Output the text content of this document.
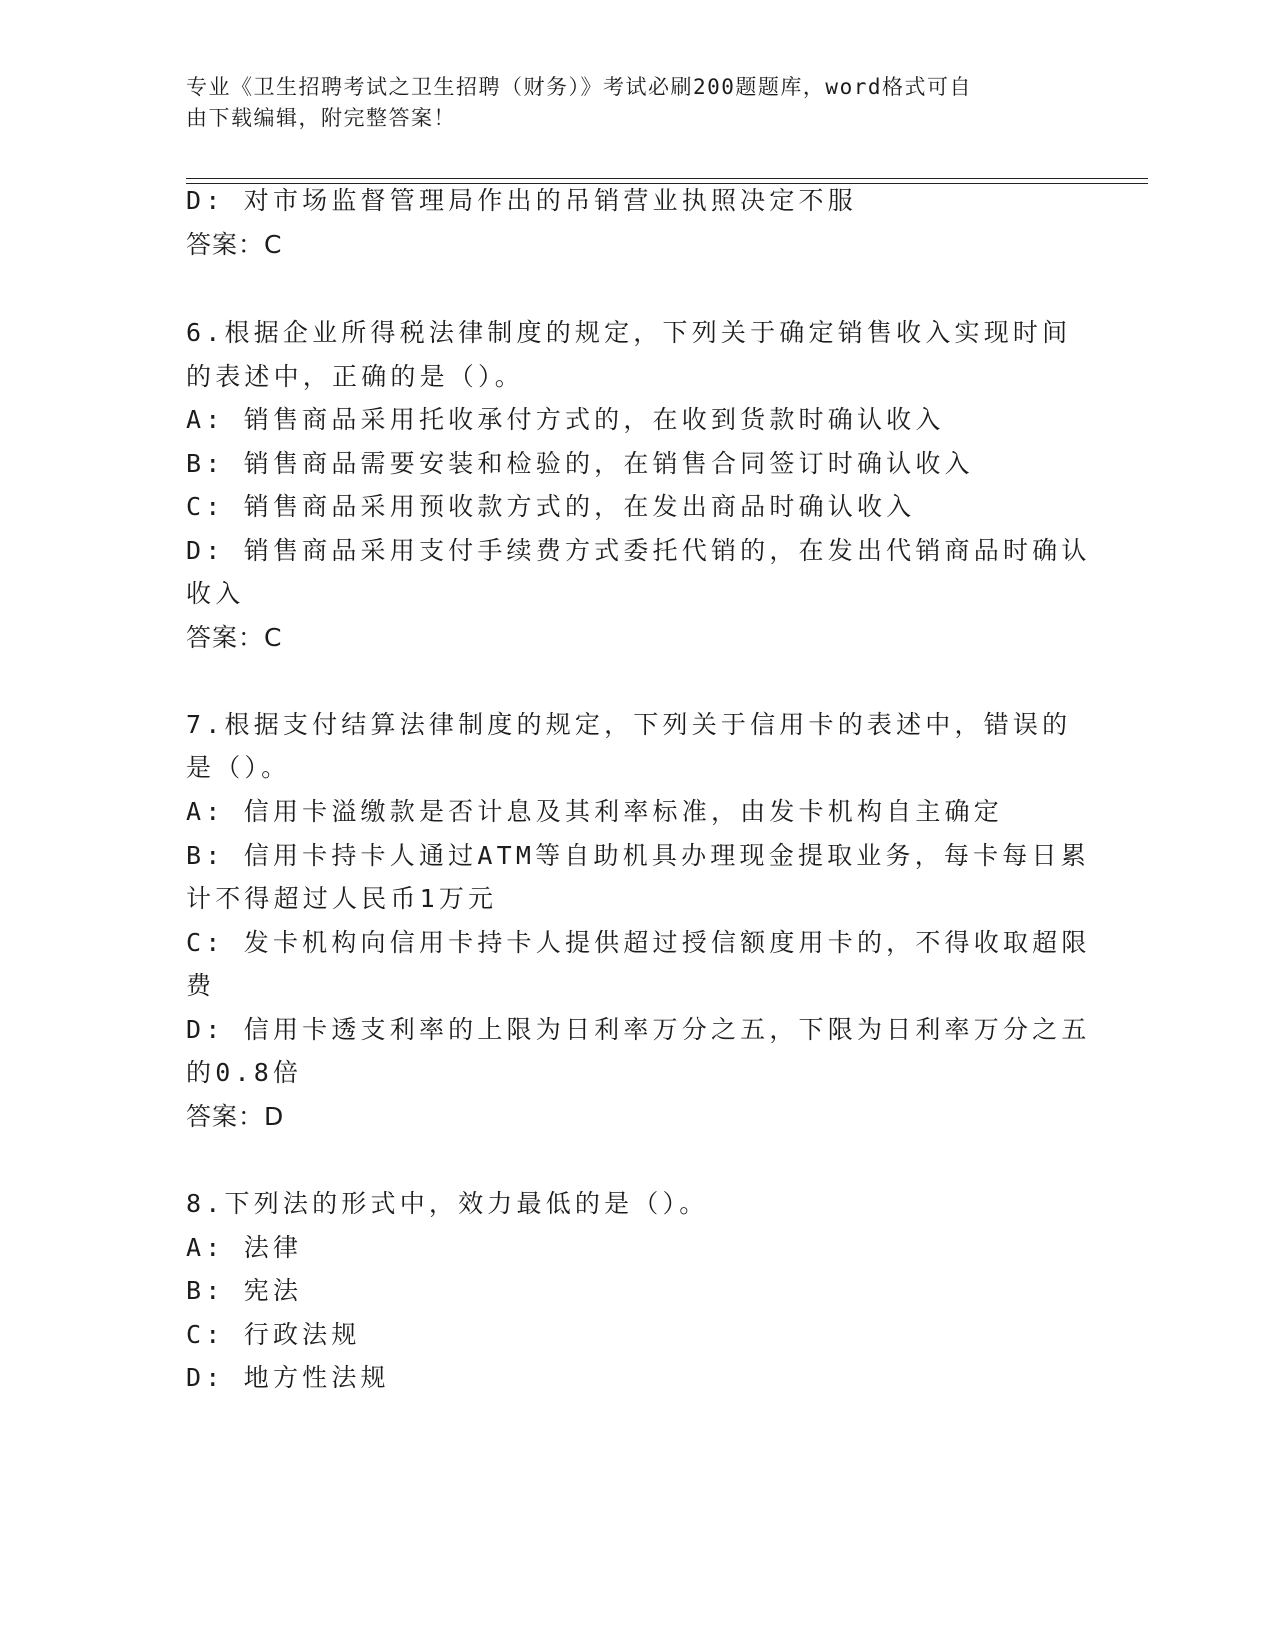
专业《卫生招聘考试之卫生招聘（财务）》考试必刷200题题库，word格式可自
由下载编辑，附完整答案！
D: 对市场监督管理局作出的吊销营业执照决定不服
答案：C
6.根据企业所得税法律制度的规定，下列关于确定销售收入实现时间
的表述中，正确的是（）。
A: 销售商品采用托收承付方式的，在收到货款时确认收入
B: 销售商品需要安装和检验的，在销售合同签订时确认收入
C: 销售商品采用预收款方式的，在发出商品时确认收入
D: 销售商品采用支付手续费方式委托代销的，在发出代销商品时确认
收入
答案：C
7.根据支付结算法律制度的规定，下列关于信用卡的表述中，错误的
是（）。
A: 信用卡溢缴款是否计息及其利率标准，由发卡机构自主确定
B: 信用卡持卡人通过ATM等自助机具办理现金提取业务，每卡每日累
计不得超过人民币1万元
C: 发卡机构向信用卡持卡人提供超过授信额度用卡的，不得收取超限
费
D: 信用卡透支利率的上限为日利率万分之五，下限为日利率万分之五
的0.8倍
答案：D
8.下列法的形式中，效力最低的是（）。
A: 法律
B: 宪法
C: 行政法规
D: 地方性法规
